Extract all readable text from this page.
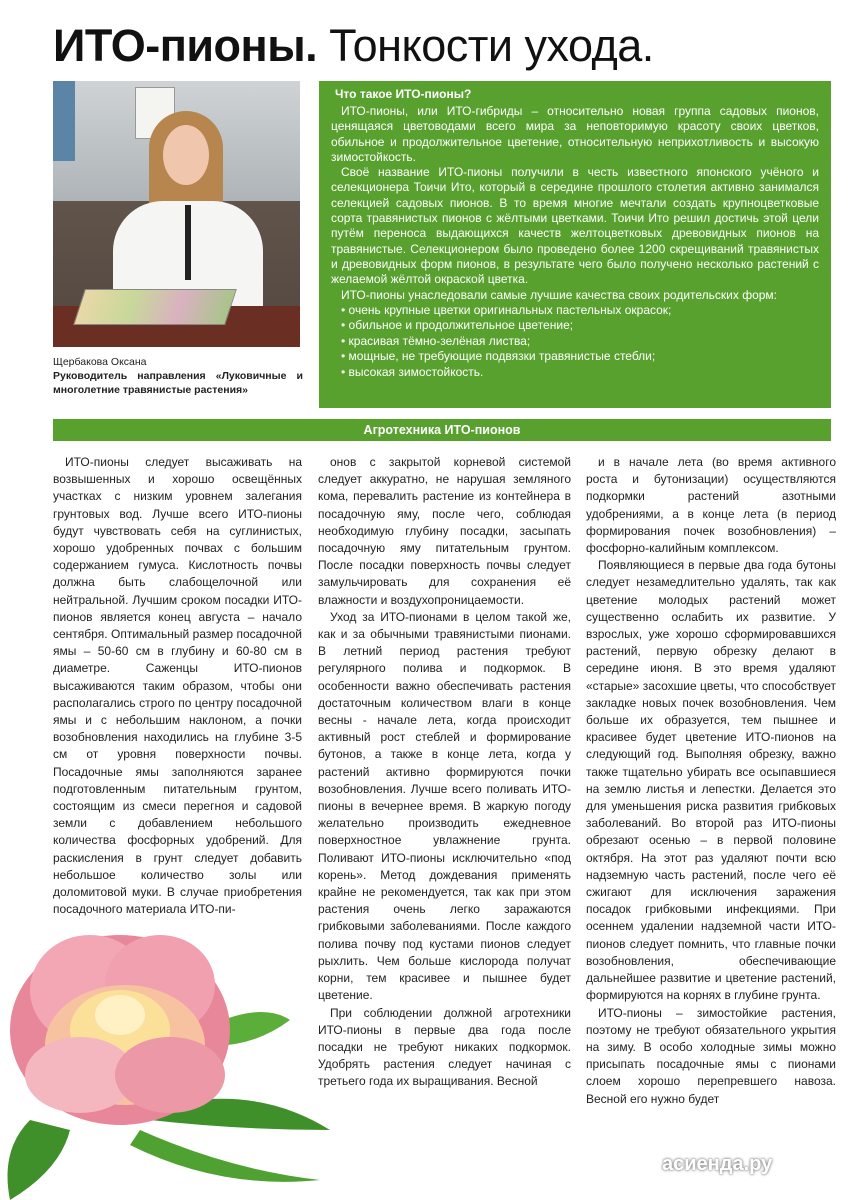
ИТО-пионы. Тонкости ухода.

Щербакова Оксана

Руководитель направления «Луковичные и многолетние травянистые растения»

Что такое ИТО-пионы?

ИТО-пионы, или ИТО-гибриды – относительно новая группа садовых пионов, ценящаяся цветоводами всего мира за неповторимую красоту своих цветков, обильное и продолжительное цветение, относительную неприхотливость и высокую зимостойкость.

Своё название ИТО-пионы получили в честь известного японского учёного и селекционера Тоичи Ито, который в середине прошлого столетия активно занимался селекцией садовых пионов. В то время многие мечтали создать крупноцветковые сорта травянистых пионов с жёлтыми цветками. Тоичи Ито решил достичь этой цели путём переноса выдающихся качеств желтоцветковых древовидных пионов на травянистые. Селекционером было проведено более 1200 скрещиваний травянистых и древовидных форм пионов, в результате чего было получено несколько растений с желаемой жёлтой окраской цветка.

ИТО-пионы унаследовали самые лучшие качества своих родительских форм:

• очень крупные цветки оригинальных пастельных окрасок;
• обильное и продолжительное цветение;
• красивая тёмно-зелёная листва;
• мощные, не требующие подвязки травянистые стебли;
• высокая зимостойкость.
Агротехника ИТО-пионов

ИТО-пионы следует высаживать на возвышенных и хорошо освещённых участках с низким уровнем залегания грунтовых вод. Лучше всего ИТО-пионы будут чувствовать себя на суглинистых, хорошо удобренных почвах с большим содержанием гумуса. Кислотность почвы должна быть слабощелочной или нейтральной. Лучшим сроком посадки ИТО-пионов является конец августа – начало сентября. Оптимальный размер посадочной ямы – 50-60 см в глубину и 60-80 см в диаметре. Саженцы ИТО-пионов высаживаются таким образом, чтобы они располагались строго по центру посадочной ямы и с небольшим наклоном, а почки возобновления находились на глубине 3-5 см от уровня поверхности почвы. Посадочные ямы заполняются заранее подготовленным питательным грунтом, состоящим из смеси перегноя и садовой земли с добавлением небольшого количества фосфорных удобрений. Для раскисления в грунт следует добавить небольшое количество золы или доломитовой муки. В случае приобретения посадочного материала ИТО-пи-

онов с закрытой корневой системой следует аккуратно, не нарушая земляного кома, перевалить растение из контейнера в посадочную яму, после чего, соблюдая необходимую глубину посадки, засыпать посадочную яму питательным грунтом. После посадки поверхность почвы следует замульчировать для сохранения её влажности и воздухопроницаемости.

Уход за ИТО-пионами в целом такой же, как и за обычными травянистыми пионами. В летний период растения требуют регулярного полива и подкормок. В особенности важно обеспечивать растения достаточным количеством влаги в конце весны - начале лета, когда происходит активный рост стеблей и формирование бутонов, а также в конце лета, когда у растений активно формируются почки возобновления. Лучше всего поливать ИТО-пионы в вечернее время. В жаркую погоду желательно производить ежедневное поверхностное увлажнение грунта. Поливают ИТО-пионы исключительно «под корень». Метод дождевания применять крайне не рекомендуется, так как при этом растения очень легко заражаются грибковыми заболеваниями. После каждого полива почву под кустами пионов следует рыхлить. Чем больше кислорода получат корни, тем красивее и пышнее будет цветение.

При соблюдении должной агротехники ИТО-пионы в первые два года после посадки не требуют никаких подкормок. Удобрять растения следует начиная с третьего года их выращивания. Весной

и в начале лета (во время активного роста и бутонизации) осуществляются подкормки растений азотными удобрениями, а в конце лета (в период формирования почек возобновления) – фосфорно-калийным комплексом.

Появляющиеся в первые два года бутоны следует незамедлительно удалять, так как цветение молодых растений может существенно ослабить их развитие. У взрослых, уже хорошо сформировавшихся растений, первую обрезку делают в середине июня. В это время удаляют «старые» засохшие цветы, что способствует закладке новых почек возобновления. Чем больше их образуется, тем пышнее и красивее будет цветение ИТО-пионов на следующий год. Выполняя обрезку, важно также тщательно убирать все осыпавшиеся на землю листья и лепестки. Делается это для уменьшения риска развития грибковых заболеваний. Во второй раз ИТО-пионы обрезают осенью – в первой половине октября. На этот раз удаляют почти всю надземную часть растений, после чего её сжигают для исключения заражения посадок грибковыми инфекциями. При осеннем удалении надземной части ИТО-пионов следует помнить, что главные почки возобновления, обеспечивающие дальнейшее развитие и цветение растений, формируются на корнях в глубине грунта.

ИТО-пионы – зимостойкие растения, поэтому не требуют обязательного укрытия на зиму. В особо холодные зимы можно присыпать посадочные ямы с пионами слоем хорошо перепревшего навоза. Весной его нужно будет

асиенда.ру
